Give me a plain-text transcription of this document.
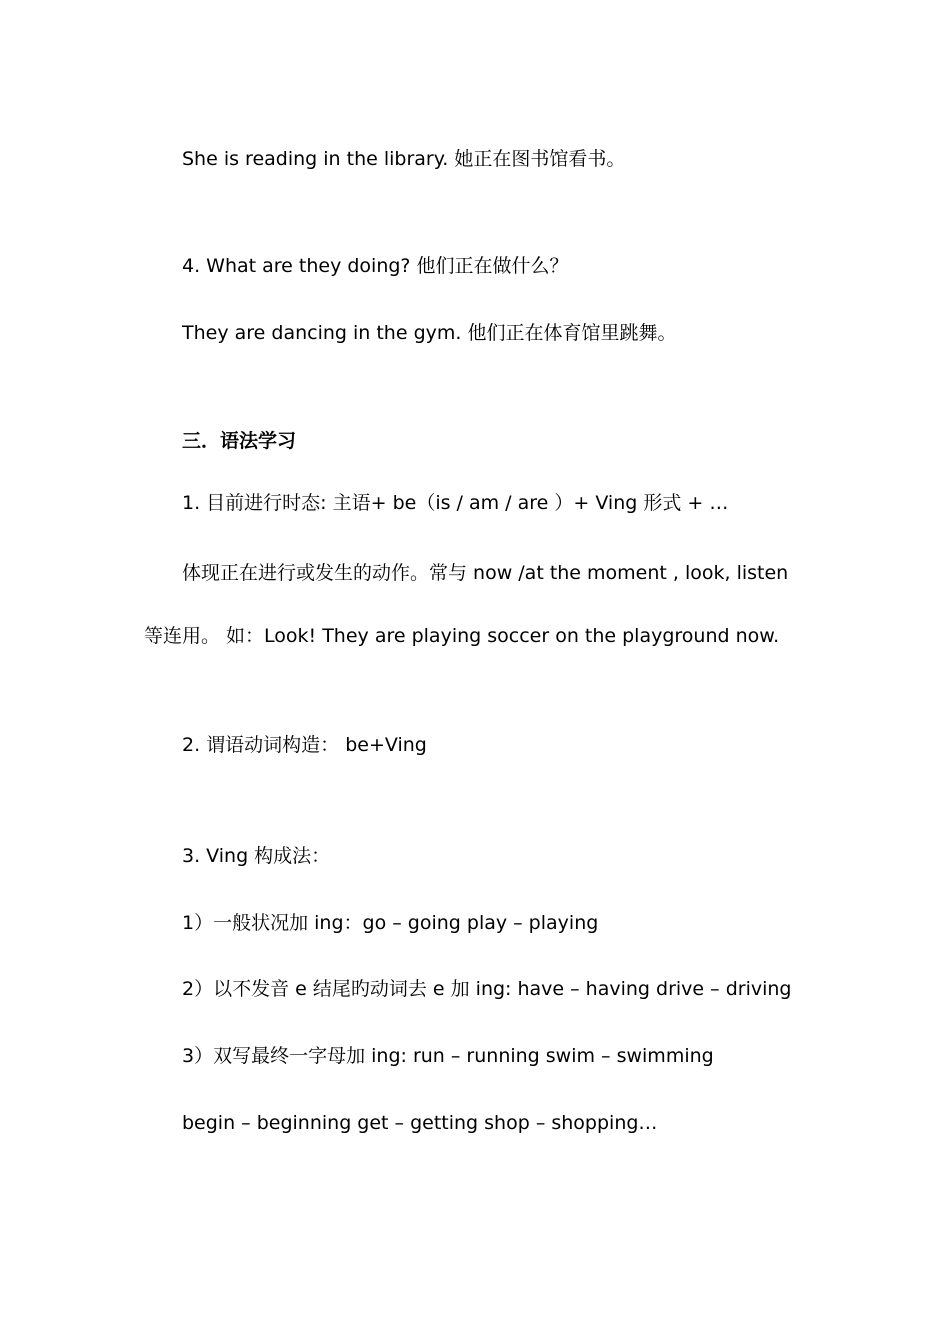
She is reading in the library. 她正在图书馆看书。

4. What are they doing? 他们正在做什么？

They are dancing in the gym. 他们正在体育馆里跳舞。

三．语法学习

1. 目前进行时态: 主语+ be（is / am / are ）+ Ving 形式 + …

体现正在进行或发生的动作。常与 now /at the moment , look, listen

等连用。 如：Look! They are playing soccer on the playground now.

2. 谓语动词构造： be+Ving

3. Ving 构成法：

1）一般状况加 ing：go – going play – playing

2）以不发音 e 结尾旳动词去 e 加 ing: have – having drive – driving

3）双写最终一字母加 ing: run – running swim – swimming

begin – beginning get – getting shop – shopping…
